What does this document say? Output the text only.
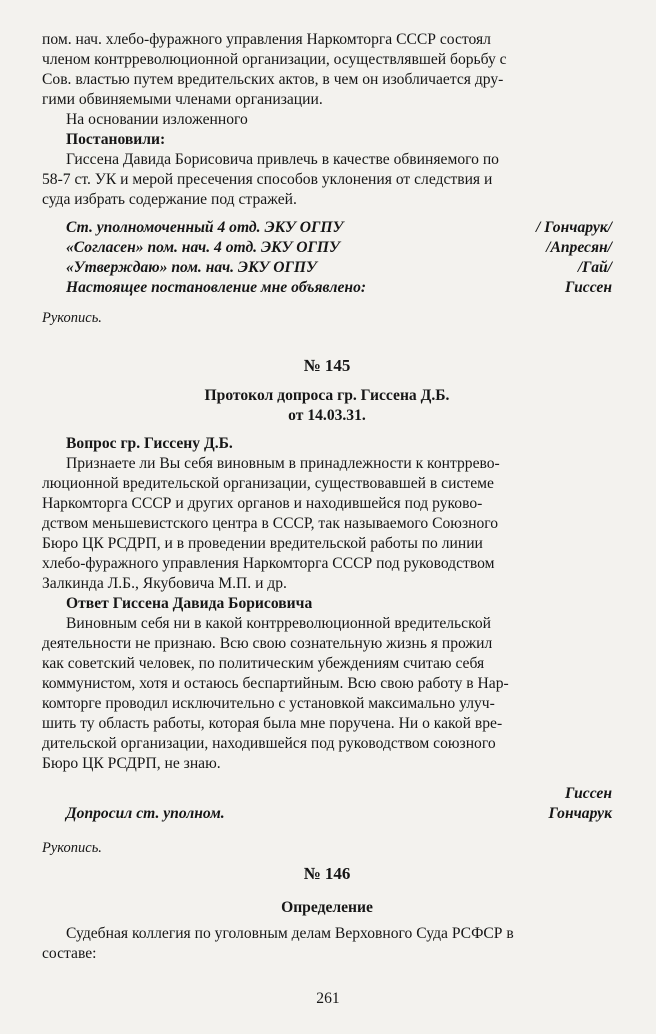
пом. нач. хлебо-фуражного управления Наркомторга СССР состоял

членом контрреволюционной организации, осуществлявшей борьбу с

Сов. властью путем вредительских актов, в чем он изобличается дру-

гими обвиняемыми членами организации.

На основании изложенного

Постановили:

Гиссена Давида Борисовича привлечь в качестве обвиняемого по

58-7 ст. УК и мерой пресечения способов уклонения от следствия и

суда избрать содержание под стражей.

Ст. уполномоченный 4 отд. ЭКУ ОГПУ	/ Гончарук/
«Согласен» пом. нач. 4 отд. ЭКУ ОГПУ	/Апресян/
«Утверждаю» пом. нач. ЭКУ ОГПУ	/Гай/
Настоящее постановление мне объявлено:	Гиссен

Рукопись.

№ 145

Протокол допроса гр. Гиссена Д.Б.

от 14.03.31.

Вопрос гр. Гиссену Д.Б.

Признаете ли Вы себя виновным в принадлежности к контррево-

люционной вредительской организации, существовавшей в системе

Наркомторга СССР и других органов и находившейся под руково-

дством меньшевистского центра в СССР, так называемого Союзного

Бюро ЦК РСДРП, и в проведении вредительской работы по линии

хлебо-фуражного управления Наркомторга СССР под руководством

Залкинда Л.Б., Якубовича М.П. и др.

Ответ Гиссена Давида Борисовича

Виновным себя ни в какой контрреволюционной вредительской

деятельности не признаю. Всю свою сознательную жизнь я прожил

как советский человек, по политическим убеждениям считаю себя

коммунистом, хотя и остаюсь беспартийным. Всю свою работу в Нар-

комторге проводил исключительно с установкой максимально улуч-

шить ту область работы, которая была мне поручена. Ни о какой вре-

дительской организации, находившейся под руководством союзного

Бюро ЦК РСДРП, не знаю.

Гиссен

Допросил ст. уполном.	Гончарук

Рукопись.

№ 146

Определение

Судебная коллегия по уголовным делам Верховного Суда РСФСР в

составе:

261
